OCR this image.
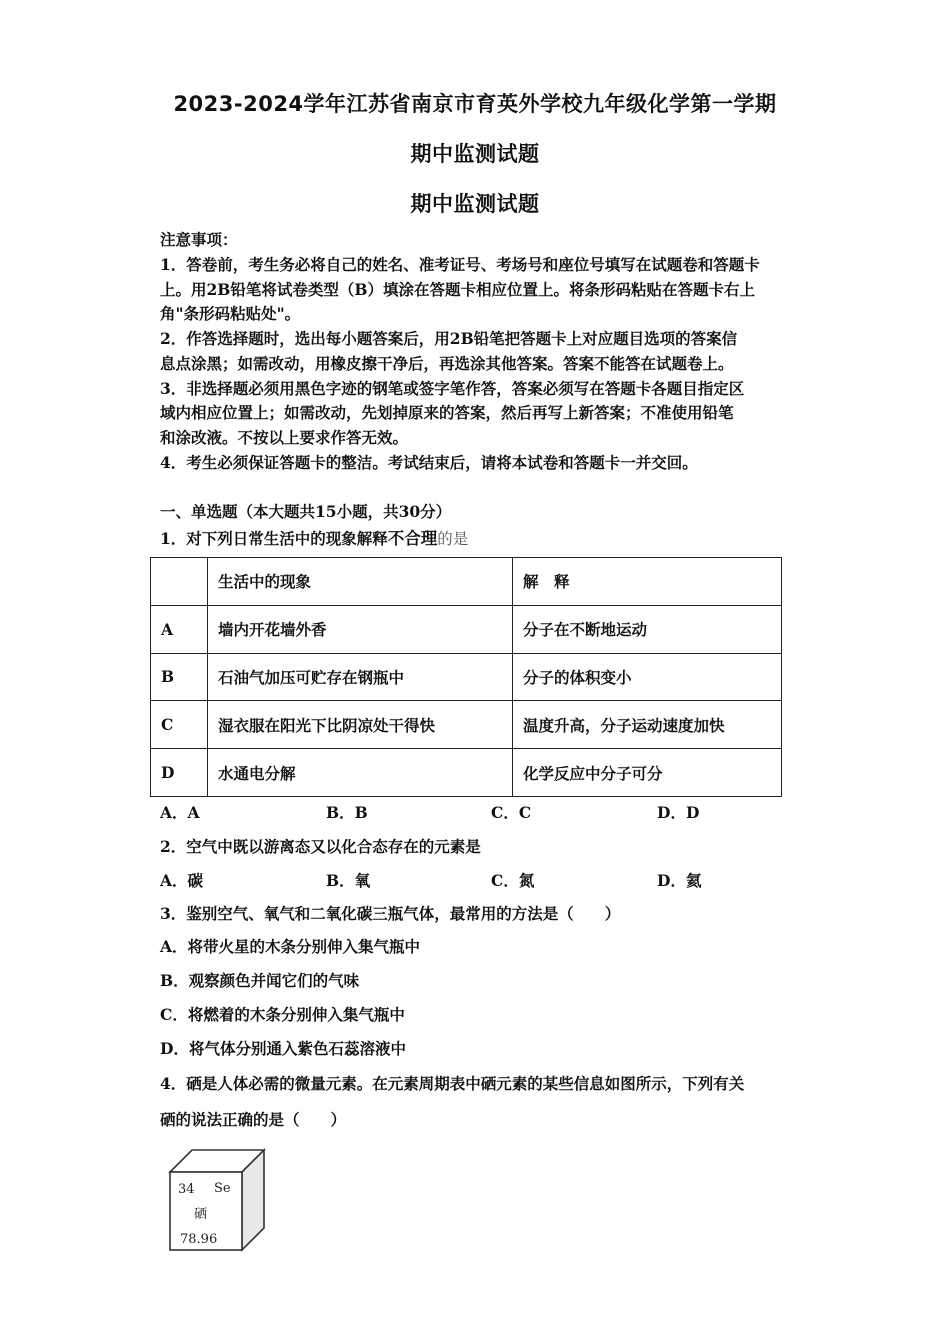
2023-2024学年江苏省南京市育英外学校九年级化学第一学期
期中监测试题
期中监测试题
注意事项：
1．答卷前，考生务必将自己的姓名、准考证号、考场号和座位号填写在试题卷和答题卡
上。用2B铅笔将试卷类型（B）填涂在答题卡相应位置上。将条形码粘贴在答题卡右上
角"条形码粘贴处"。
2．作答选择题时，选出每小题答案后，用2B铅笔把答题卡上对应题目选项的答案信
息点涂黑；如需改动，用橡皮擦干净后，再选涂其他答案。答案不能答在试题卷上。
3．非选择题必须用黑色字迹的钢笔或签字笔作答，答案必须写在答题卡各题目指定区
域内相应位置上；如需改动，先划掉原来的答案，然后再写上新答案；不准使用铅笔
和涂改液。不按以上要求作答无效。
4．考生必须保证答题卡的整洁。考试结束后，请将本试卷和答题卡一并交回。
一、单选题（本大题共15小题，共30分）
1．对下列日常生活中的现象解释不合理的是
	生活中的现象	解　释
A	墙内开花墙外香	分子在不断地运动
B	石油气加压可贮存在钢瓶中	分子的体积变小
C	湿衣服在阳光下比阴凉处干得快	温度升高，分子运动速度加快
D	水通电分解	化学反应中分子可分
A．A	B．B	C．C	D．D
2．空气中既以游离态又以化合态存在的元素是
A．碳	B．氧	C．氮	D．氦
3．鉴别空气、氧气和二氧化碳三瓶气体，最常用的方法是（　　）
A．将带火星的木条分别伸入集气瓶中
B．观察颜色并闻它们的气味
C．将燃着的木条分别伸入集气瓶中
D．将气体分别通入紫色石蕊溶液中
4．硒是人体必需的微量元素。在元素周期表中硒元素的某些信息如图所示，下列有关
硒的说法正确的是（　　）
34 Se
硒
78.96
